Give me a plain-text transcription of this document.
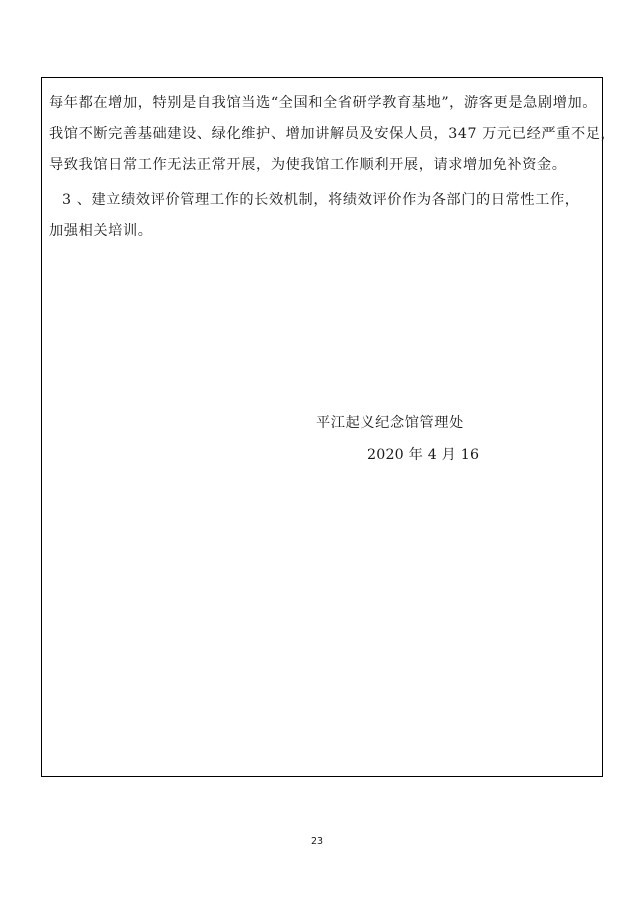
每年都在增加，特别是自我馆当选“全国和全省研学教育基地”，游客更是急剧增加。
我馆不断完善基础建设、绿化维护、增加讲解员及安保人员，347 万元已经严重不足，
导致我馆日常工作无法正常开展，为使我馆工作顺利开展，请求增加免补资金。
3 、建立绩效评价管理工作的长效机制，将绩效评价作为各部门的日常性工作，
加强相关培训。
平江起义纪念馆管理处
2020 年 4 月 16
23
